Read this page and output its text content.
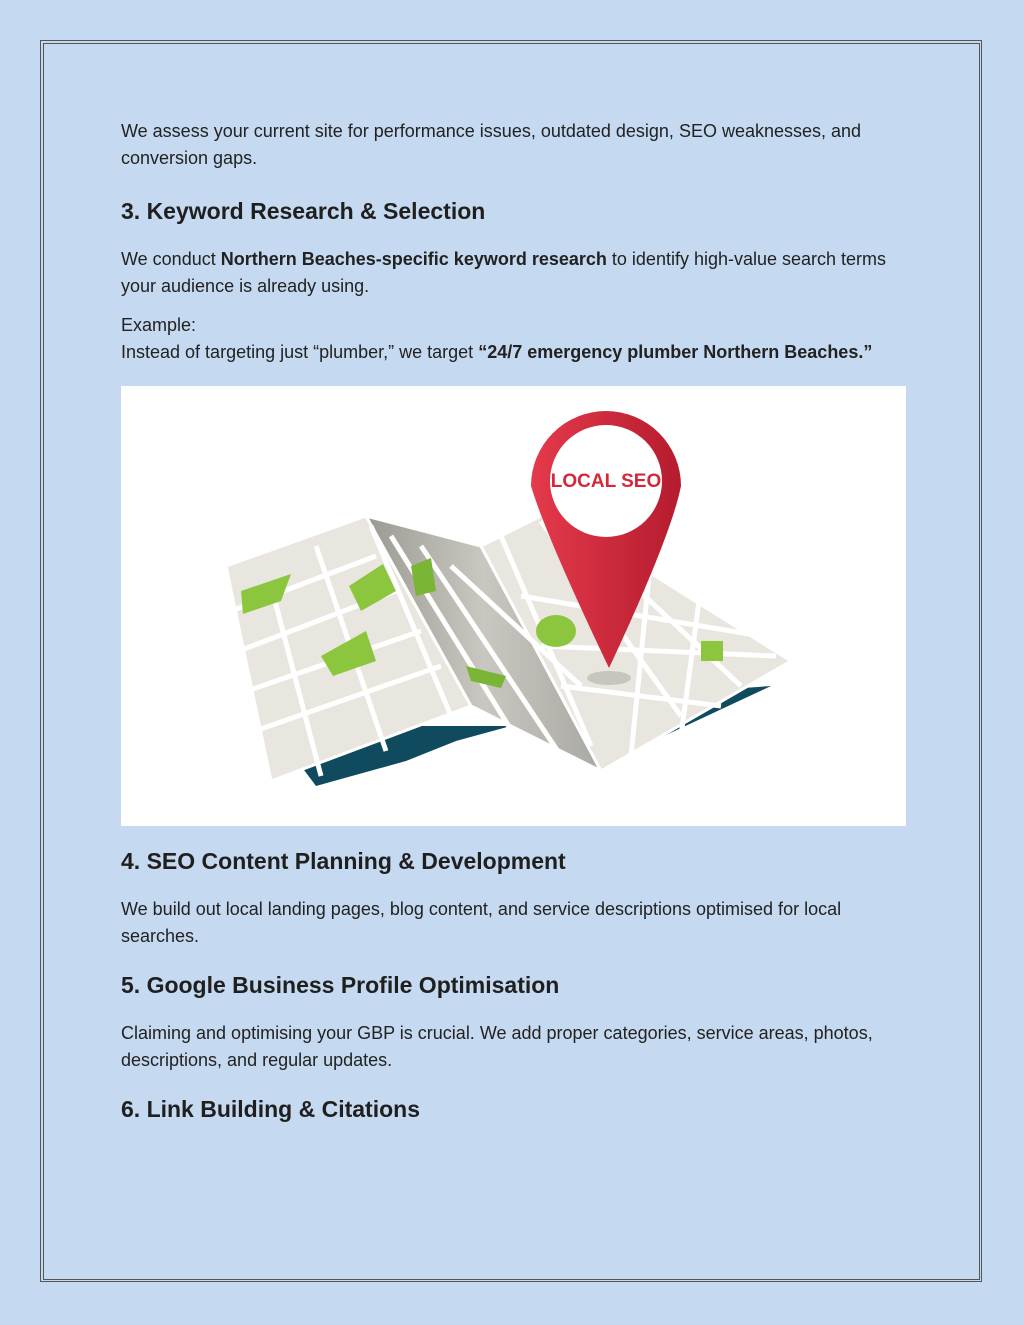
We assess your current site for performance issues, outdated design, SEO weaknesses, and conversion gaps.

3. Keyword Research & Selection

We conduct Northern Beaches-specific keyword research to identify high-value search terms your audience is already using.

Example:

Instead of targeting just “plumber,” we target “24/7 emergency plumber Northern Beaches.”

LOCAL SEO
4. SEO Content Planning & Development

We build out local landing pages, blog content, and service descriptions optimised for local searches.

5. Google Business Profile Optimisation

Claiming and optimising your GBP is crucial. We add proper categories, service areas, photos, descriptions, and regular updates.

6. Link Building & Citations
